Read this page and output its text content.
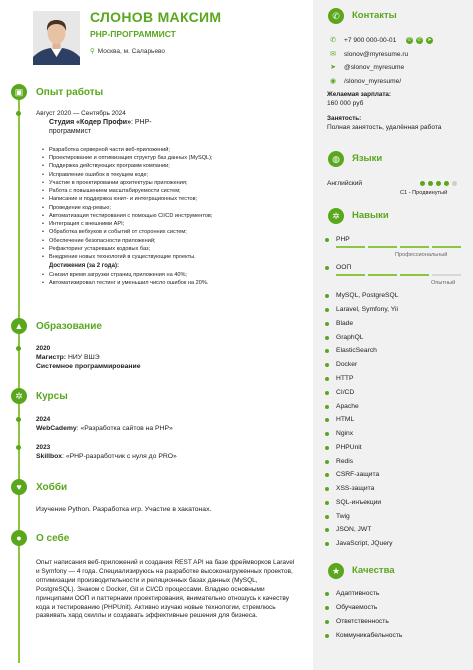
СЛОНОВ МАКСИМ
PHP-ПРОГРАММИСТ
⚲ Москва, м. Саларьево
▣	Опыт работы
Август 2020 — Сентябрь 2024
Студия «Кодер Профи»: PHP-
программист
• Разработка серверной части веб-приложений;
• Проектирование и оптимизация структур баз данных (MySQL);
• Поддержка действующих программ компании;
• Исправление ошибок в текущем коде;
• Участие в проектировании архитектуры приложения;
• Работа с повышением масштабируемости систем;
• Написание и поддержка юнит- и интеграционных тестов;
• Проведение код-ревью;
• Автоматизация тестирования с помощью CI/CD инструментов;
• Интеграция с внешними API;
• Обработка вебхуков и событий от сторонних систем;
• Обеспечение безопасности приложений;
• Рефакторинг устаревших кодовых баз;
• Внедрение новых технологий в существующие проекты.
Достижения (за 2 года):
• Снизил время загрузки страниц приложения на 40%;
• Автоматизировал тестинг и уменьшил число ошибок на 20%.
▲	Образование
2020
Магистр: НИУ ВШЭ
Системное программирование
✲	Курсы
2024
WebCademy: «Разработка сайтов на PHP»
2023
Skillbox: «PHP-разработчик с нуля до PRO»
♥	Хобби
Изучение Python. Разработка игр. Участие в хакатонах.
●	О себе
Опыт написания веб-приложений и создания REST API на базе фреймворков Laravel и Symfony — 4 года. Специализируюсь на разработке высоконагруженных проектов, оптимизации производительности и реляционных базах данных (MySQL, PostgreSQL). Знаком с Docker, Git и CI/CD процессами. Владею основными принципами ООП и паттернами проектирования, внимательно отношусь к качеству кода и тестированию (PHPUnit). Активно изучаю новые технологии, стремлюсь развивать хард скиллы и создавать эффективные решения для бизнеса.
✆	Контакты
✆ +7 900 000-00-01 ✆ ✆ ➤
✉ slonov@myresume.ru
➤ @slonov_myresume
◉ /slonov_myresume/
Желаемая зарплата:
160 000 руб
Занятость:
Полная занятость, удалённая работа
◍	Языки
Английский
C1 - Продвинутый
✲	Навыки
PHP
Профессиональный
ООП
Опытный
MySQL, PostgreSQL
Laravel, Symfony, Yii
Blade
GraphQL
ElasticSearch
Docker
HTTP
CI/CD
Apache
HTML
Nginx
PHPUnit
Redis
CSRF-защита
XSS-защита
SQL-инъекции
Twig
JSON, JWT
JavaScript, JQuery
★	Качества
Адаптивность
Обучаемость
Ответственность
Коммуникабельность
